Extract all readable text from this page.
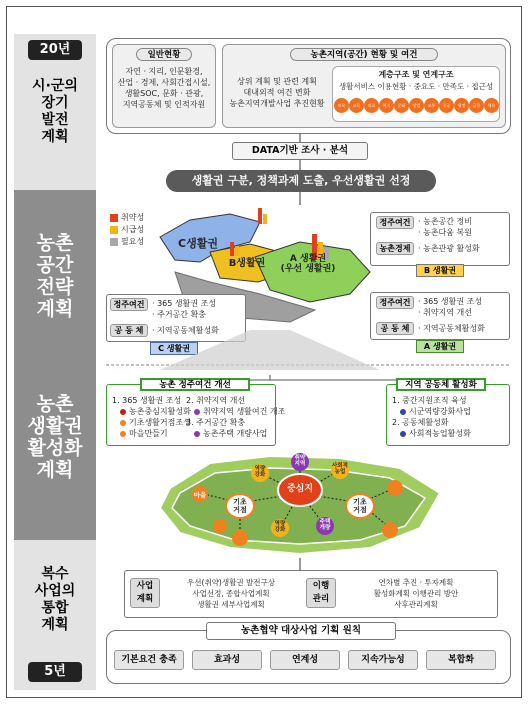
20년
시·군의
장기
발전
계획
농촌
공간
전략
계획
농촌
생활권
활성화
계획
복수
사업의
통합
계획
5년
일반현황
자연 · 지리, 인문환경,
산업 · 경제, 사회간접시설,
생활SOC, 문화 · 관광,
지역공동체 및 인적자원
농촌지역(공간) 현황 및 여건
상위 계획 및 관련 계획
대내외적 여건 변화
농촌지역개발사업 추진현황
계층구조 및 연계구조
생활서비스 이용현황 · 중요도 · 만족도 · 접근성
보육	교육	의료	복지	문화	상업	교통	공공	행정	금융	체육
DATA기반 조사 · 분석
생활권 구분, 정책과제 도출, 우선생활권 선정
취약성
시급성
필요성	C생활권
B생활권	A 생활권
(우선 생활권)
정주여건 · 농촌공간 정비
· 농촌다움 복원
농촌경제 · 농촌관광 활성화
B 생활권
정주여건 · 365 생활권 조성
· 주거공간 확충
공 동 체	· 지역공동체활성화
C 생활권
정주여건 · 365 생활권 조성
· 취약지역 개선
공 동 체	· 지역공동체활성화
A 생활권
농촌 정주여건 개선
1. 365 생활권 조성
농촌중심지활성화
기초생활거점조성
마을만들기
2. 취약지역 개선
취약지역 생활여건 개조
3. 주거공간 확충
농촌주택 개량사업
지역 공동체 활성화
1. 중간지원조직 육성
시군역량강화사업
2. 공동체활성화
사회적농업활성화
중심지
기초
거점
기초
거점
마을
취약
지역
역량
강화
역량
강화
사회적
농업
주택
개량
사업
계획
우선(취약)생활권 발전구상
사업선정, 종합사업계획
생활권 세부사업계획
이행
관리
연차별 추진 · 투자계획
활성화계획 이행관리 방안
사후관리계획
농촌협약 대상사업 기획 원칙
기본요건 충족	효과성	연계성	지속가능성	복합화
